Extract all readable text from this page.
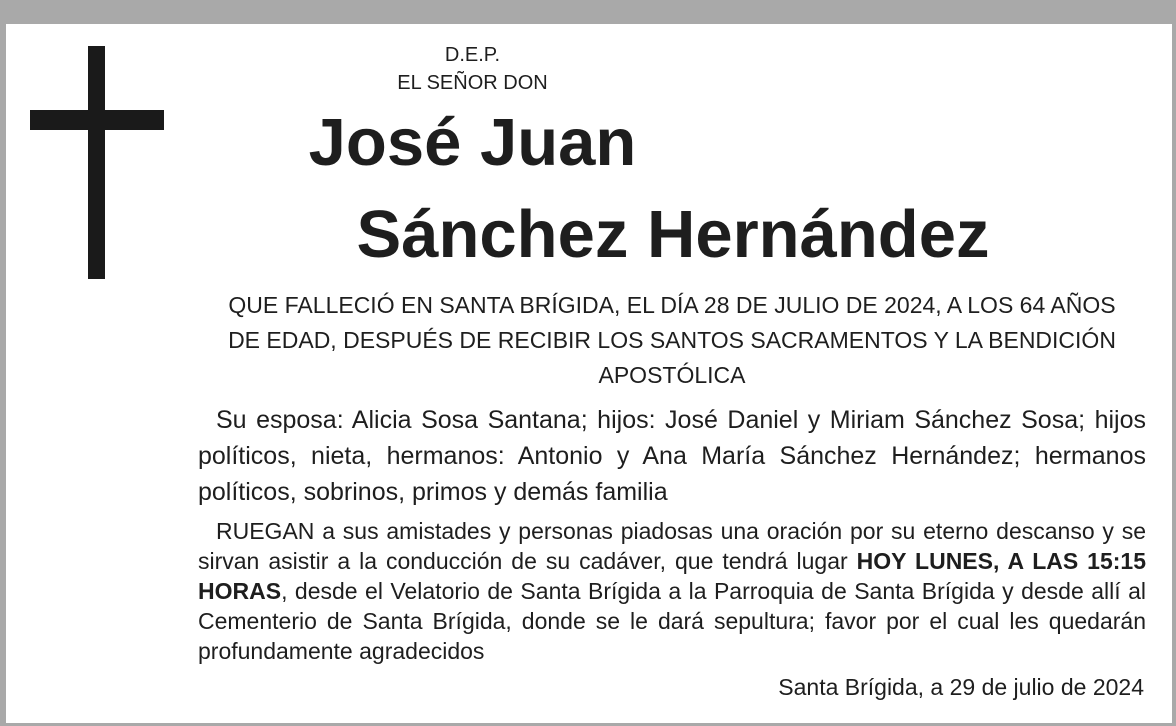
D.E.P.
EL SEÑOR DON
José Juan
Sánchez Hernández
QUE FALLECIÓ EN SANTA BRÍGIDA, EL DÍA 28 DE JULIO DE 2024, A LOS 64 AÑOS
DE EDAD, DESPUÉS DE RECIBIR LOS SANTOS SACRAMENTOS Y LA BENDICIÓN
APOSTÓLICA
Su esposa: Alicia Sosa Santana; hijos: José Daniel y Miriam Sánchez Sosa; hijos políticos, nieta, hermanos: Antonio y Ana María Sánchez Hernández; hermanos políticos, sobrinos, primos y demás familia
RUEGAN a sus amistades y personas piadosas una oración por su eterno descanso y se sirvan asistir a la conducción de su cadáver, que tendrá lugar HOY LUNES, A LAS 15:15 HORAS, desde el Velatorio de Santa Brígida a la Parroquia de Santa Brígida y desde allí al Cementerio de Santa Brígida, donde se le dará sepultura; favor por el cual les quedarán profundamente agradecidos
Santa Brígida, a 29 de julio de 2024
